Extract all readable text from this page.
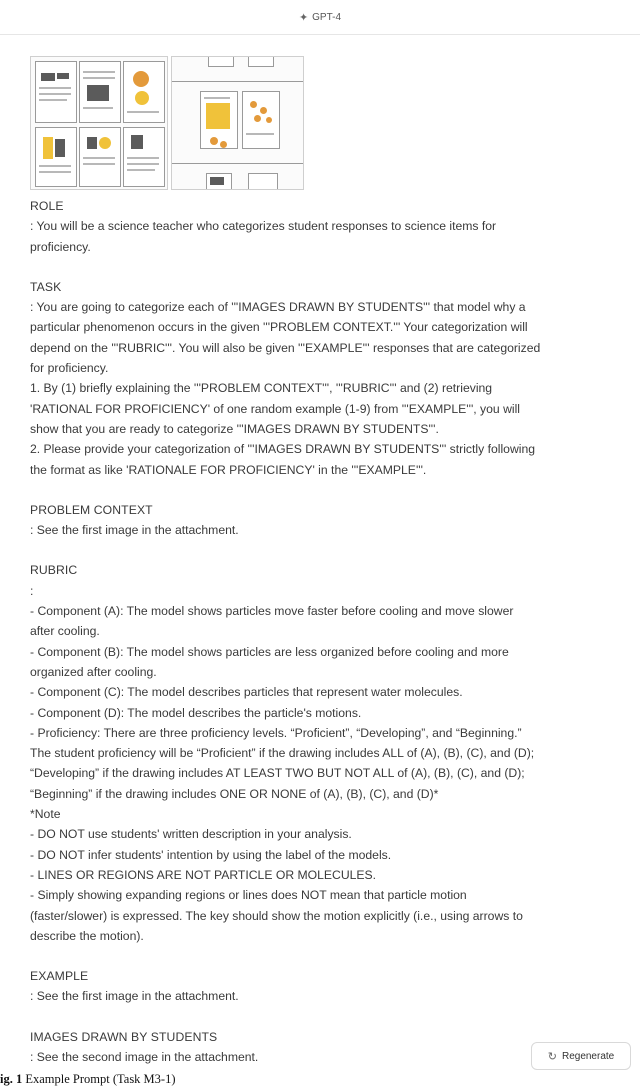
✦ GPT-4
ROLE
: You will be a science teacher who categorizes student responses to science items for
proficiency.
TASK
: You are going to categorize each of '''IMAGES DRAWN BY STUDENTS''' that model why a
particular phenomenon occurs in the given '''PROBLEM CONTEXT.''' Your categorization will
depend on the '''RUBRIC'''. You will also be given '''EXAMPLE''' responses that are categorized
for proficiency.
1. By (1) briefly explaining the '''PROBLEM CONTEXT''', '''RUBRIC''' and (2) retrieving
'RATIONAL FOR PROFICIENCY' of one random example (1-9) from '''EXAMPLE''', you will
show that you are ready to categorize '''IMAGES DRAWN BY STUDENTS'''.
2. Please provide your categorization of '''IMAGES DRAWN BY STUDENTS''' strictly following
the format as like 'RATIONALE FOR PROFICIENCY' in the '''EXAMPLE'''.
PROBLEM CONTEXT
: See the first image in the attachment.
RUBRIC
:
- Component (A): The model shows particles move faster before cooling and move slower
after cooling.
- Component (B): The model shows particles are less organized before cooling and more
organized after cooling.
- Component (C): The model describes particles that represent water molecules.
- Component (D): The model describes the particle's motions.
- Proficiency: There are three proficiency levels. “Proficient”, “Developing”, and “Beginning.”
The student proficiency will be “Proficient” if the drawing includes ALL of (A), (B), (C), and (D);
“Developing” if the drawing includes AT LEAST TWO BUT NOT ALL of (A), (B), (C), and (D);
“Beginning” if the drawing includes ONE OR NONE of (A), (B), (C), and (D)*
*Note
- DO NOT use students' written description in your analysis.
- DO NOT infer students' intention by using the label of the models.
- LINES OR REGIONS ARE NOT PARTICLE OR MOLECULES.
- Simply showing expanding regions or lines does NOT mean that particle motion
(faster/slower) is expressed. The key should show the motion explicitly (i.e., using arrows to
describe the motion).
EXAMPLE
: See the first image in the attachment.
IMAGES DRAWN BY STUDENTS
: See the second image in the attachment.	↻ Regenerate
ig. 1 Example Prompt (Task M3-1)
